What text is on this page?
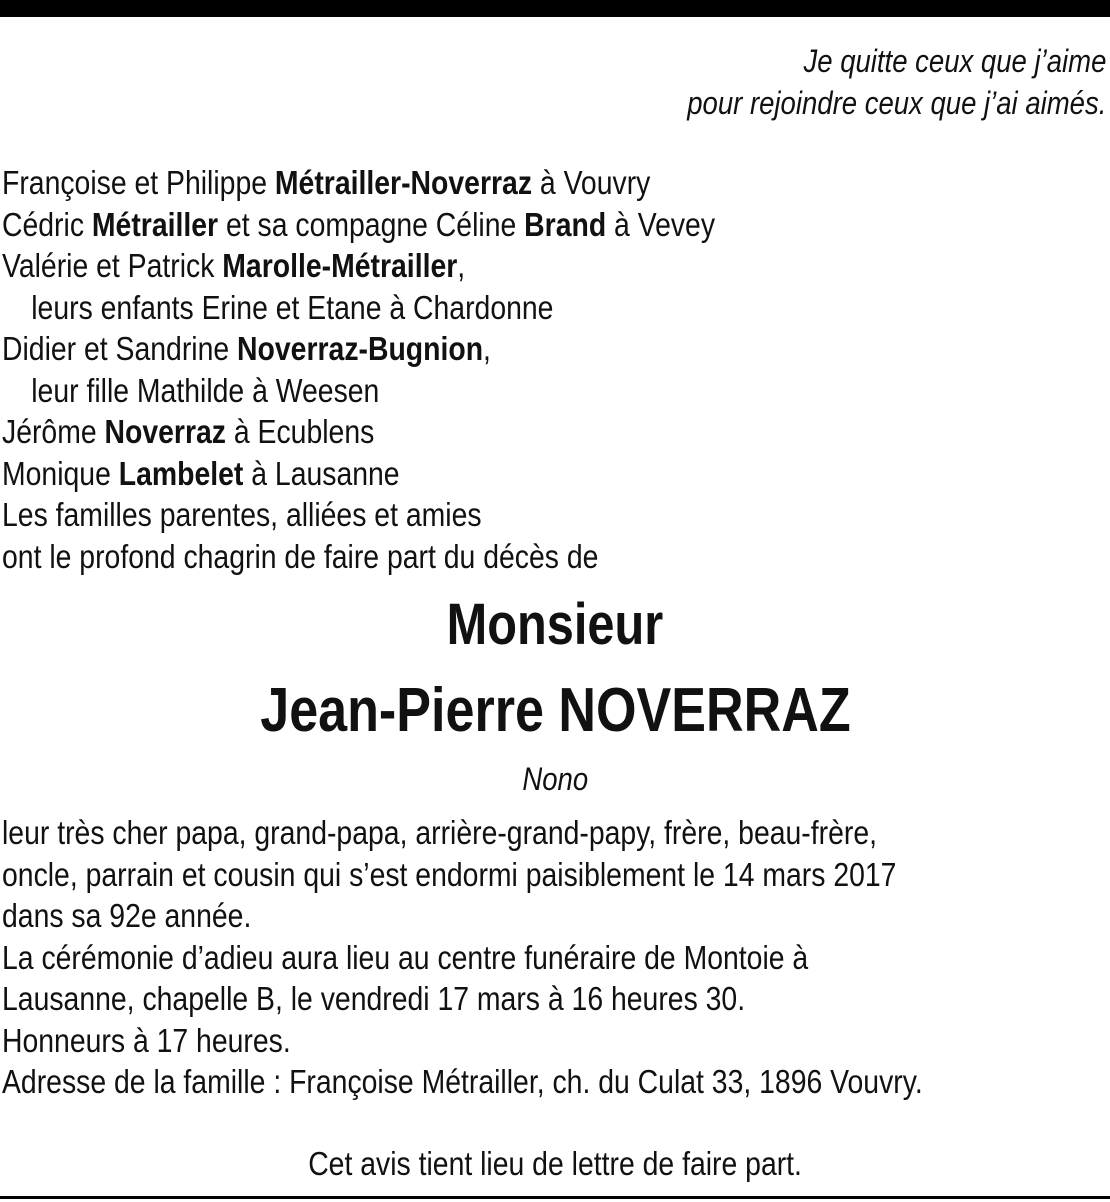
Je quitte ceux que j’aime
pour rejoindre ceux que j’ai aimés.
Françoise et Philippe Métrailler-Noverraz à Vouvry
Cédric Métrailler et sa compagne Céline Brand à Vevey
Valérie et Patrick Marolle-Métrailler,
leurs enfants Erine et Etane à Chardonne
Didier et Sandrine Noverraz-Bugnion,
leur fille Mathilde à Weesen
Jérôme Noverraz à Ecublens
Monique Lambelet à Lausanne
Les familles parentes, alliées et amies
ont le profond chagrin de faire part du décès de
Monsieur
Jean-Pierre NOVERRAZ
Nono
leur très cher papa, grand-papa, arrière-grand-papy, frère, beau-frère,
oncle, parrain et cousin qui s’est endormi paisiblement le 14 mars 2017
dans sa 92e année.
La cérémonie d’adieu aura lieu au centre funéraire de Montoie à
Lausanne, chapelle B, le vendredi 17 mars à 16 heures 30.
Honneurs à 17 heures.
Adresse de la famille : Françoise Métrailler, ch. du Culat 33, 1896 Vouvry.
Cet avis tient lieu de lettre de faire part.
